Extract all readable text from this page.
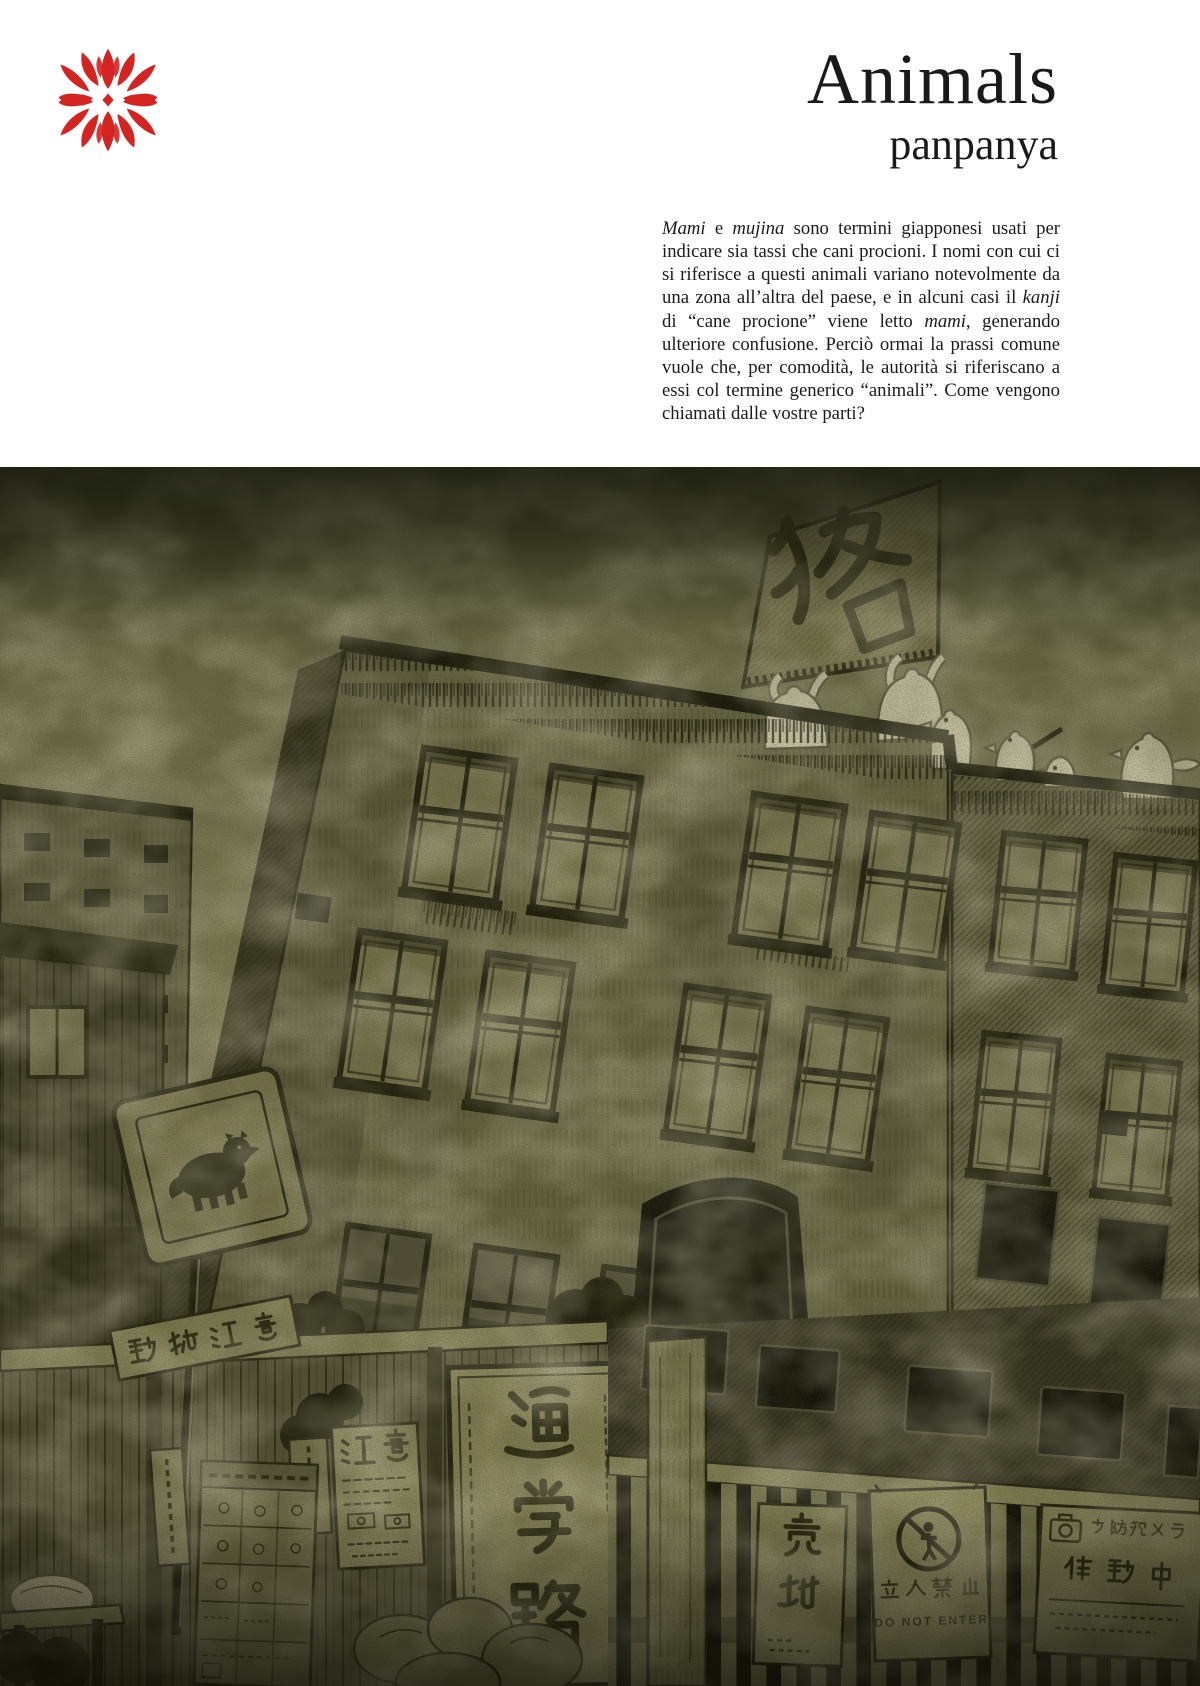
Animals
panpanya

Mami e mujina sono termini giapponesi usati per indicare sia tassi che cani procioni. I nomi con cui ci si riferisce a questi animali variano notevolmente da una zona all’altra del paese, e in alcuni casi il kanji di “cane procione” viene letto mami, generando ulteriore confusione. Perciò ormai la prassi comune vuole che, per comodità, le autorità si riferiscano a essi col termine generico “animali”. Come vengono chiamati dalle vostre parti?
